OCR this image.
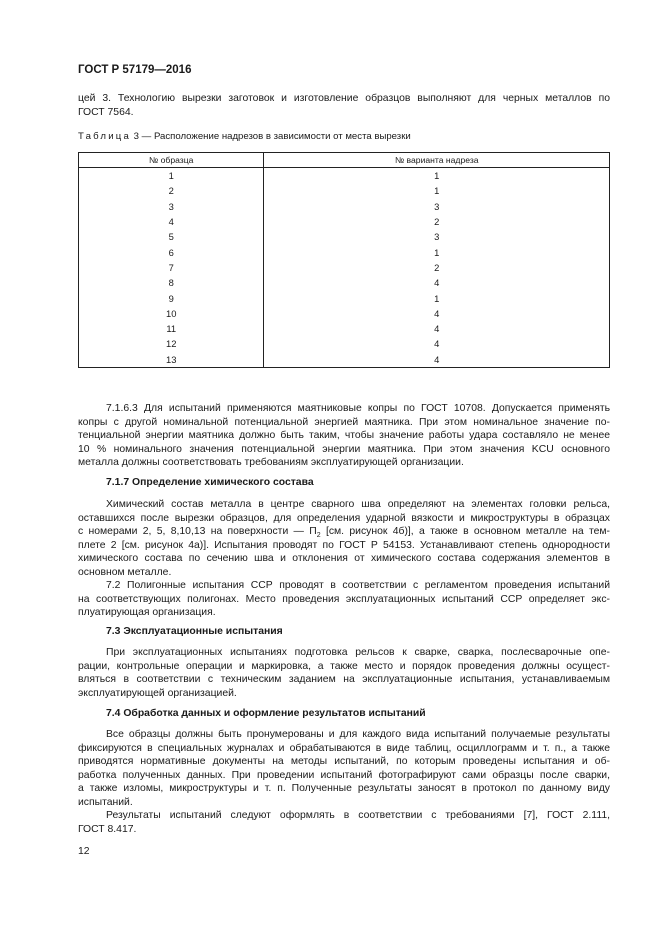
ГОСТ Р 57179—2016
цей 3. Технологию вырезки заготовок и изготовление образцов выполняют для черных металлов по
ГОСТ 7564.
Таблица 3 — Расположение надрезов в зависимости от места вырезки
№ образца	№ варианта надреза
1	1
2	1
3	3
4	2
5	3
6	1
7	2
8	4
9	1
10	4
11	4
12	4
13	4
7.1.6.3 Для испытаний применяются маятниковые копры по ГОСТ 10708. Допускается применять
копры с другой номинальной потенциальной энергией маятника. При этом номинальное значение по-
тенциальной энергии маятника должно быть таким, чтобы значение работы удара составляло не менее
10 % номинального значения потенциальной энергии маятника. При этом значения KCU основного
металла должны соответствовать требованиям эксплуатирующей организации.
7.1.7 Определение химического состава
Химический состав металла в центре сварного шва определяют на элементах головки рельса,
оставшихся после вырезки образцов, для определения ударной вязкости и микроструктуры в образцах
с номерами 2, 5, 8,10,13 на поверхности — $П_2$ [см. рисунок 4б)], а также в основном металле на тем-
плете 2 [см. рисунок 4а)]. Испытания проводят по ГОСТ Р 54153. Устанавливают степень однородности
химического состава по сечению шва и отклонения от химического состава содержания элементов в
основном металле.
7.2 Полигонные испытания ССР проводят в соответствии с регламентом проведения испытаний
на соответствующих полигонах. Место проведения эксплуатационных испытаний ССР определяет экс-
плуатирующая организация.
7.3 Эксплуатационные испытания
При эксплуатационных испытаниях подготовка рельсов к сварке, сварка, послесварочные опе-
рации, контрольные операции и маркировка, а также место и порядок проведения должны осущест-
вляться в соответствии с техническим заданием на эксплуатационные испытания, устанавливаемым
эксплуатирующей организацией.
7.4 Обработка данных и оформление результатов испытаний
Все образцы должны быть пронумерованы и для каждого вида испытаний получаемые результаты
фиксируются в специальных журналах и обрабатываются в виде таблиц, осциллограмм и т. п., а также
приводятся нормативные документы на методы испытаний, по которым проведены испытания и об-
работка полученных данных. При проведении испытаний фотографируют сами образцы после сварки,
а также изломы, микроструктуры и т. п. Полученные результаты заносят в протокол по данному виду
испытаний.
Результаты испытаний следуют оформлять в соответствии с требованиями [7], ГОСТ 2.111,
ГОСТ 8.417.
12
